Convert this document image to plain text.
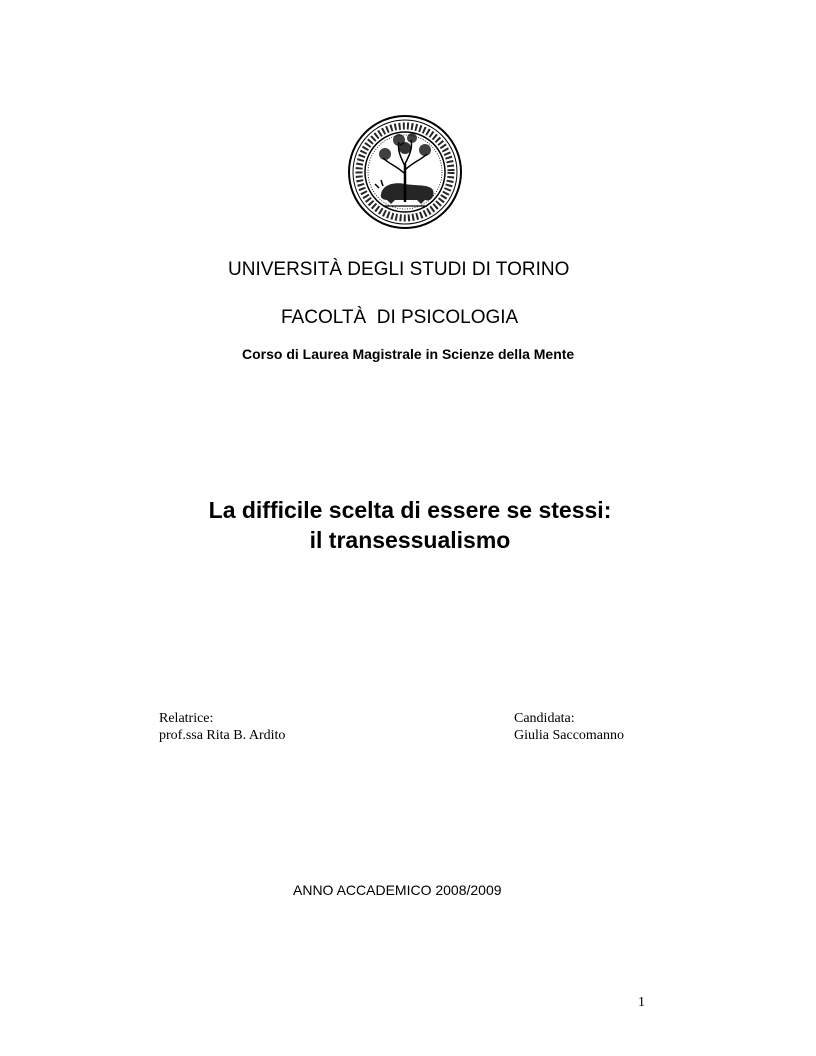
UNIVERSITÀ DEGLI STUDI DI TORINO
FACOLTÀ  DI PSICOLOGIA
Corso di Laurea Magistrale in Scienze della Mente
La difficile scelta di essere se stessi:
il transessualismo
Relatrice:
prof.ssa Rita B. Ardito
Candidata:
Giulia Saccomanno
ANNO ACCADEMICO 2008/2009
1
